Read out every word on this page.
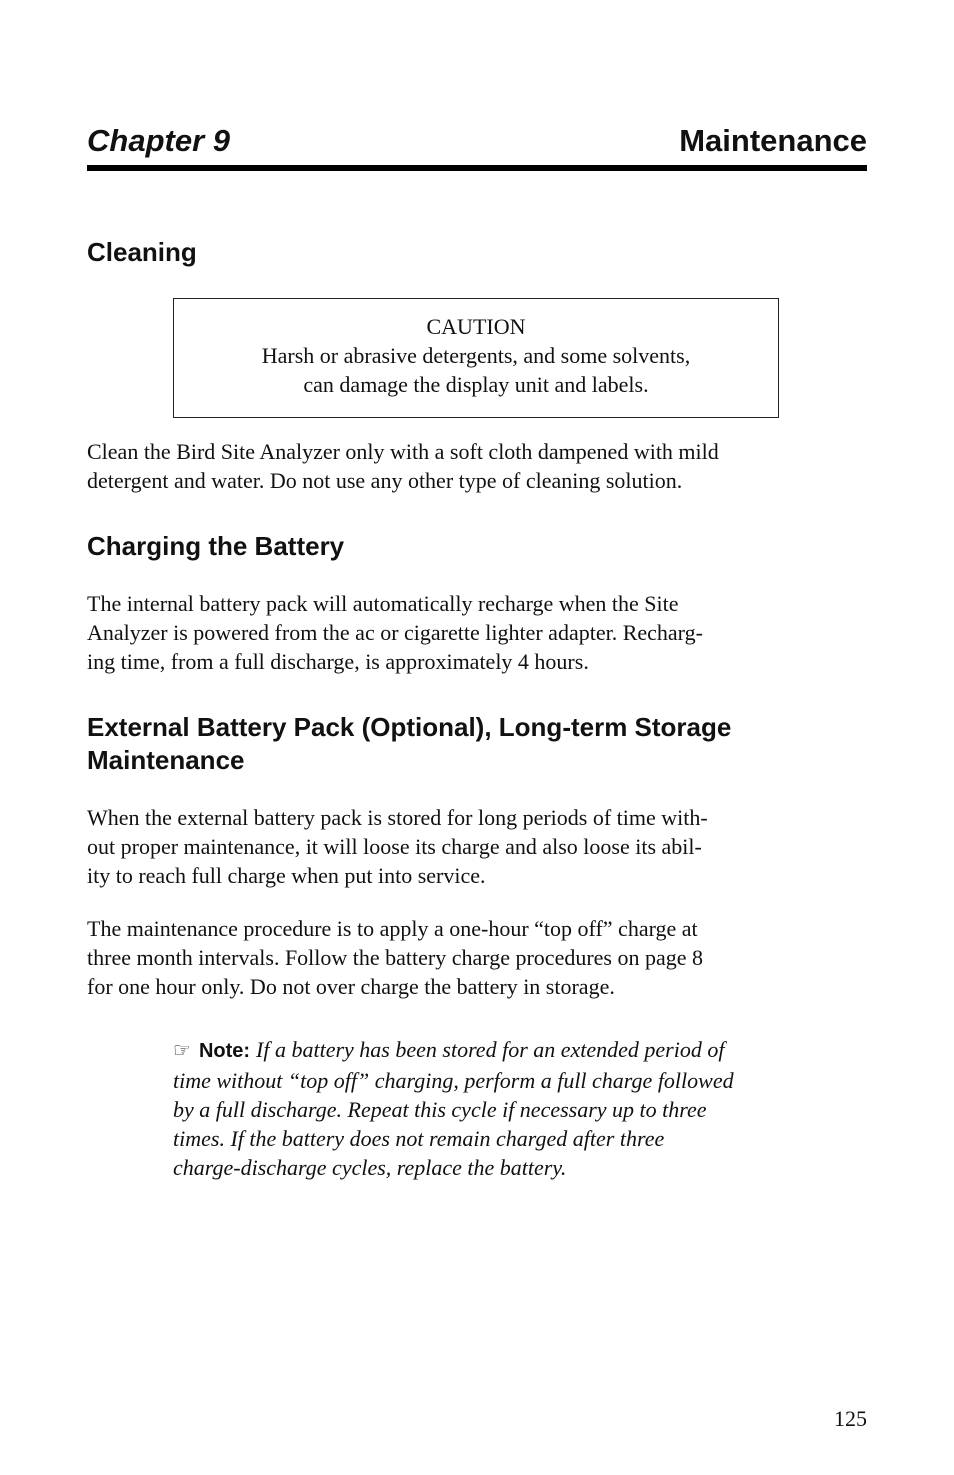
Chapter 9	Maintenance
Cleaning
CAUTION
Harsh or abrasive detergents, and some solvents,
can damage the display unit and labels.

Clean the Bird Site Analyzer only with a soft cloth dampened with mild
detergent and water. Do not use any other type of cleaning solution.

Charging the Battery

The internal battery pack will automatically recharge when the Site
Analyzer is powered from the ac or cigarette lighter adapter. Recharg-
ing time, from a full discharge, is approximately 4 hours.

External Battery Pack (Optional), Long-term Storage
Maintenance

When the external battery pack is stored for long periods of time with-
out proper maintenance, it will loose its charge and also loose its abil-
ity to reach full charge when put into service.

The maintenance procedure is to apply a one-hour “top off” charge at
three month intervals. Follow the battery charge procedures on page 8
for one hour only. Do not over charge the battery in storage.

☞ Note: If a battery has been stored for an extended period of
time without “top off” charging, perform a full charge followed
by a full discharge. Repeat this cycle if necessary up to three
times. If the battery does not remain charged after three
charge-discharge cycles, replace the battery.
125
